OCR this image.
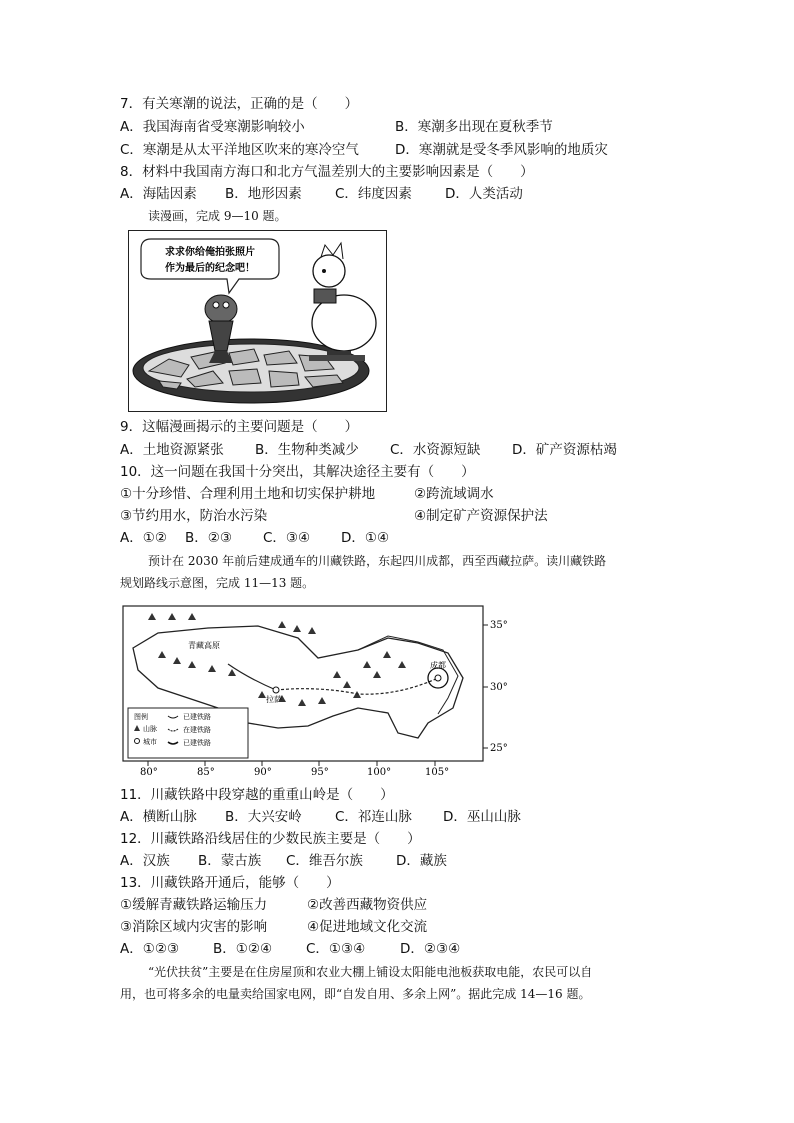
7．有关寒潮的说法，正确的是（　　）
A．我国海南省受寒潮影响较小	B．寒潮多出现在夏秋季节
C．寒潮是从太平洋地区吹来的寒冷空气	D．寒潮就是受冬季风影响的地质灾
8．材料中我国南方海口和北方气温差别大的主要影响因素是（　　）
A．海陆因素 B．地形因素 C．纬度因素 D．人类活动
读漫画，完成 9—10 题。
求求你给俺拍张照片
作为最后的纪念吧！
9．这幅漫画揭示的主要问题是（　　）
A．土地资源紧张 B．生物种类减少 C．水资源短缺 D．矿产资源枯竭
10．这一问题在我国十分突出，其解决途径主要有（　　）
①十分珍惜、合理利用土地和切实保护耕地	②跨流域调水
③节约用水，防治水污染	④制定矿产资源保护法
A．①② B．②③ C．③④ D．①④
预计在 2030 年前后建成通车的川藏铁路，东起四川成都，西至西藏拉萨。读川藏铁路
规划路线示意图，完成 11—13 题。
青藏高原
拉萨
成都
图例
山脉
城市
已建铁路
在建铁路
已建铁路
35°
30°
25°
80°	85°	90°	95°	100°	105°
11．川藏铁路中段穿越的重重山岭是（　　）
A．横断山脉 B．大兴安岭 C．祁连山脉 D．巫山山脉
12．川藏铁路沿线居住的少数民族主要是（　　）
A．汉族 B．蒙古族 C．维吾尔族 D．藏族
13．川藏铁路开通后，能够（　　）
①缓解青藏铁路运输压力	②改善西藏物资供应
③消除区域内灾害的影响	④促进地域文化交流
A．①②③	B．①②④	C．①③④	D．②③④
“光伏扶贫”主要是在住房屋顶和农业大棚上铺设太阳能电池板获取电能，农民可以自
用，也可将多余的电量卖给国家电网，即“自发自用、多余上网”。据此完成 14—16 题。
